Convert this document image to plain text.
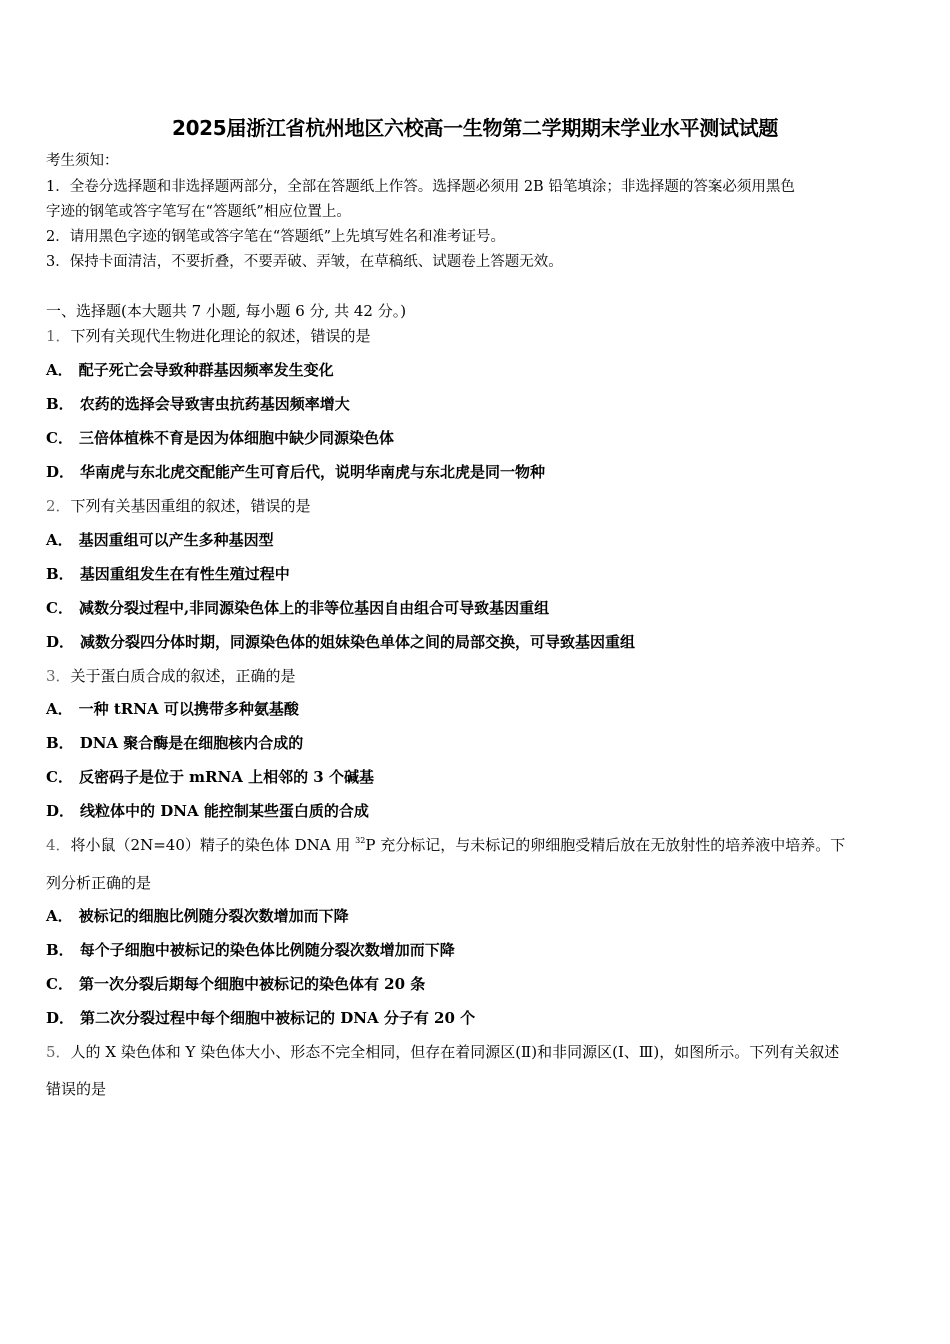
2025届浙江省杭州地区六校高一生物第二学期期末学业水平测试试题
考生须知：
1．全卷分选择题和非选择题两部分，全部在答题纸上作答。选择题必须用 2B 铅笔填涂；非选择题的答案必须用黑色
字迹的钢笔或答字笔写在“答题纸”相应位置上。
2．请用黑色字迹的钢笔或答字笔在“答题纸”上先填写姓名和准考证号。
3．保持卡面清洁，不要折叠，不要弄破、弄皱，在草稿纸、试题卷上答题无效。
一、选择题(本大题共 7 小题, 每小题 6 分, 共 42 分。)
1．下列有关现代生物进化理论的叙述，错误的是
A． 配子死亡会导致种群基因频率发生变化
B． 农药的选择会导致害虫抗药基因频率增大
C． 三倍体植株不育是因为体细胞中缺少同源染色体
D． 华南虎与东北虎交配能产生可育后代，说明华南虎与东北虎是同一物种
2．下列有关基因重组的叙述，错误的是
A． 基因重组可以产生多种基因型
B． 基因重组发生在有性生殖过程中
C． 减数分裂过程中,非同源染色体上的非等位基因自由组合可导致基因重组
D． 减数分裂四分体时期，同源染色体的姐妹染色单体之间的局部交换，可导致基因重组
3．关于蛋白质合成的叙述，正确的是
A． 一种 tRNA 可以携带多种氨基酸
B． DNA 聚合酶是在细胞核内合成的
C． 反密码子是位于 mRNA 上相邻的 3 个碱基
D． 线粒体中的 DNA 能控制某些蛋白质的合成
4．将小鼠（2N=40）精子的染色体 DNA 用 $^{32}$P 充分标记，与未标记的卵细胞受精后放在无放射性的培养液中培养。下
列分析正确的是
A． 被标记的细胞比例随分裂次数增加而下降
B． 每个子细胞中被标记的染色体比例随分裂次数增加而下降
C． 第一次分裂后期每个细胞中被标记的染色体有 20 条
D． 第二次分裂过程中每个细胞中被标记的 DNA 分子有 20 个
5．人的 X 染色体和 Y 染色体大小、形态不完全相同，但存在着同源区(Ⅱ)和非同源区(Ⅰ、Ⅲ)，如图所示。下列有关叙述
错误的是
